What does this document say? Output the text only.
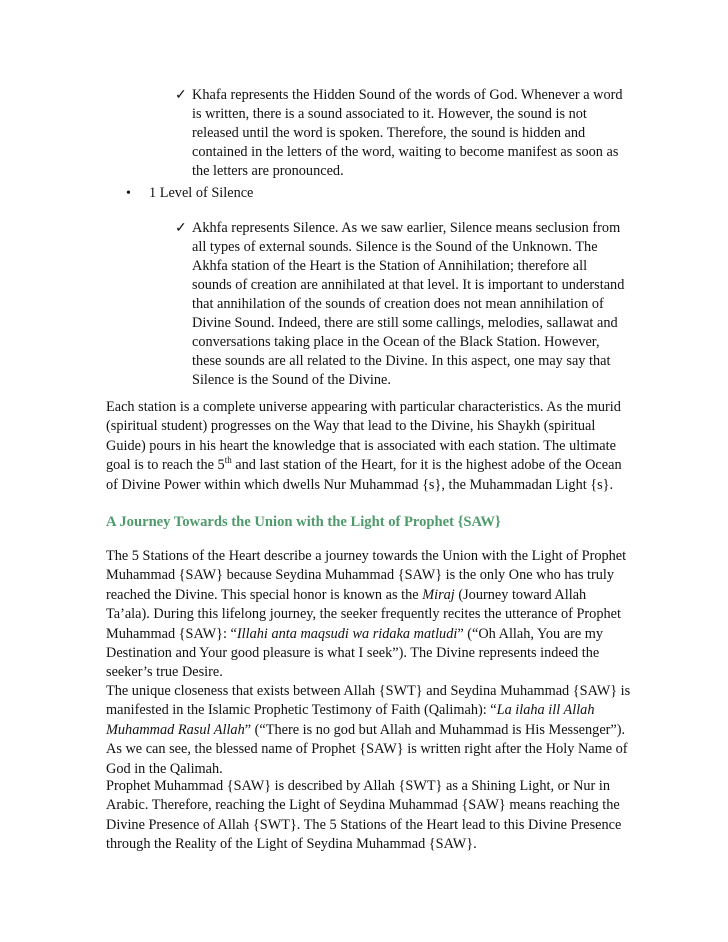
✓ Khafa represents the Hidden Sound of the words of God. Whenever a word is written, there is a sound associated to it. However, the sound is not released until the word is spoken. Therefore, the sound is hidden and contained in the letters of the word, waiting to become manifest as soon as the letters are pronounced.
• 1 Level of Silence
✓ Akhfa represents Silence. As we saw earlier, Silence means seclusion from all types of external sounds. Silence is the Sound of the Unknown. The Akhfa station of the Heart is the Station of Annihilation; therefore all sounds of creation are annihilated at that level. It is important to understand that annihilation of the sounds of creation does not mean annihilation of Divine Sound. Indeed, there are still some callings, melodies, sallawat and conversations taking place in the Ocean of the Black Station. However, these sounds are all related to the Divine. In this aspect, one may say that Silence is the Sound of the Divine.

Each station is a complete universe appearing with particular characteristics. As the murid (spiritual student) progresses on the Way that lead to the Divine, his Shaykh (spiritual Guide) pours in his heart the knowledge that is associated with each station. The ultimate goal is to reach the 5th and last station of the Heart, for it is the highest adobe of the Ocean of Divine Power within which dwells Nur Muhammad {s}, the Muhammadan Light {s}.

A Journey Towards the Union with the Light of Prophet {SAW}

The 5 Stations of the Heart describe a journey towards the Union with the Light of Prophet Muhammad {SAW} because Seydina Muhammad {SAW} is the only One who has truly reached the Divine. This special honor is known as the Miraj (Journey toward Allah Ta’ala). During this lifelong journey, the seeker frequently recites the utterance of Prophet Muhammad {SAW}: “Illahi anta maqsudi wa ridaka matludi” (“Oh Allah, You are my Destination and Your good pleasure is what I seek”). The Divine represents indeed the seeker’s true Desire.

The unique closeness that exists between Allah {SWT} and Seydina Muhammad {SAW} is manifested in the Islamic Prophetic Testimony of Faith (Qalimah): “La ilaha ill Allah Muhammad Rasul Allah” (“There is no god but Allah and Muhammad is His Messenger”). As we can see, the blessed name of Prophet {SAW} is written right after the Holy Name of God in the Qalimah.

Prophet Muhammad {SAW} is described by Allah {SWT} as a Shining Light, or Nur in Arabic. Therefore, reaching the Light of Seydina Muhammad {SAW} means reaching the Divine Presence of Allah {SWT}. The 5 Stations of the Heart lead to this Divine Presence through the Reality of the Light of Seydina Muhammad {SAW}.
